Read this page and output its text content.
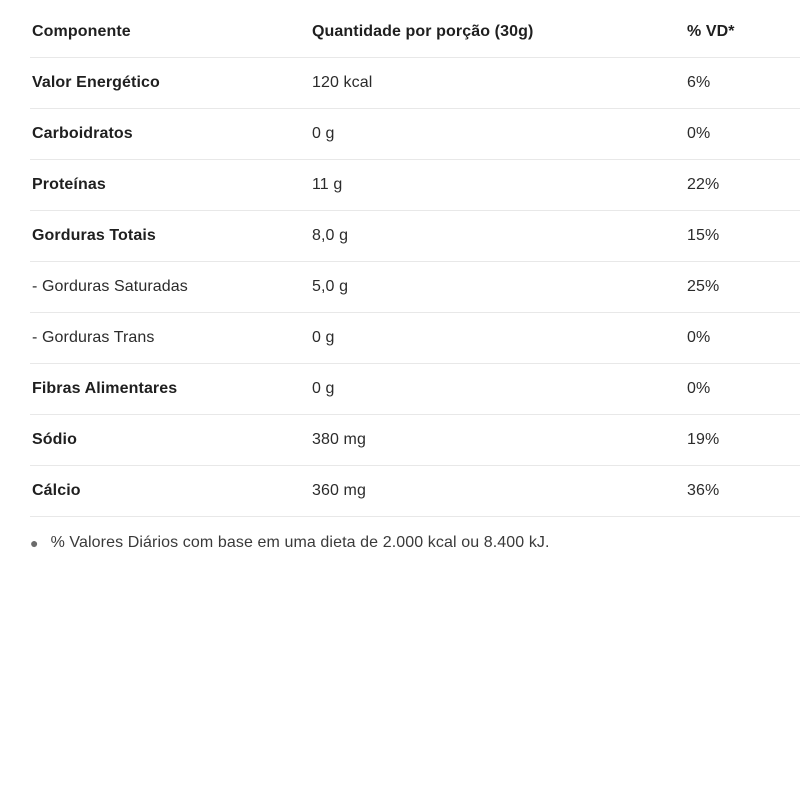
Componente	Quantidade por porção (30g)	% VD*
Valor Energético	120 kcal	6%
Carboidratos	0 g	0%
Proteínas	11 g	22%
Gorduras Totais	8,0 g	15%
- Gorduras Saturadas	5,0 g	25%
- Gorduras Trans	0 g	0%
Fibras Alimentares	0 g	0%
Sódio	380 mg	19%
Cálcio	360 mg	36%
● % Valores Diários com base em uma dieta de 2.000 kcal ou 8.400 kJ.
